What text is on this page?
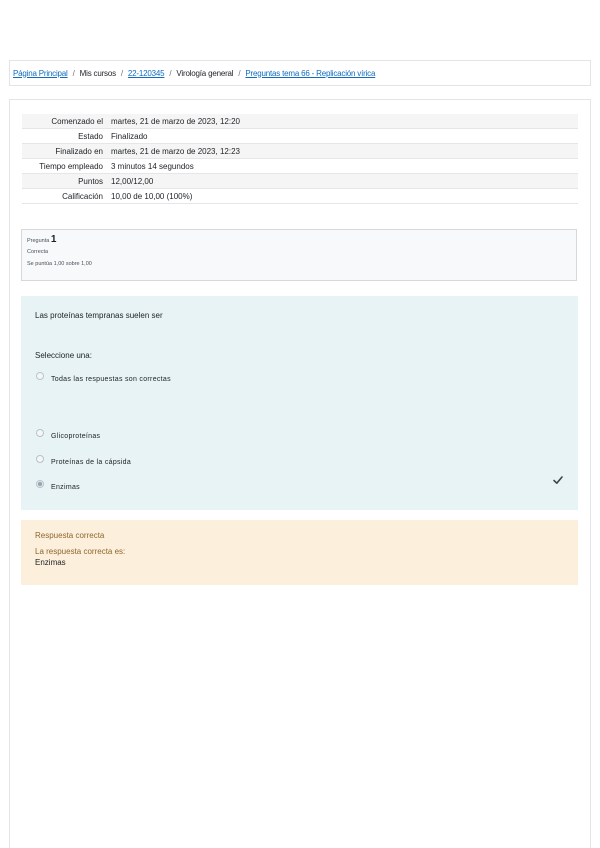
Página Principal / Mis cursos / 22-120345 / Virología general / Preguntas tema 66 - Replicación vírica
Comenzado el	martes, 21 de marzo de 2023, 12:20
Estado	Finalizado
Finalizado en	martes, 21 de marzo de 2023, 12:23
Tiempo empleado	3 minutos 14 segundos
Puntos	12,00/12,00
Calificación	10,00 de 10,00 (100%)
Pregunta 1
Correcta
Se puntúa 1,00 sobre 1,00
Las proteínas tempranas suelen ser
Seleccione una:
Todas las respuestas son correctas
Glicoproteínas
Proteínas de la cápsida
Enzimas
Respuesta correcta
La respuesta correcta es:
Enzimas
